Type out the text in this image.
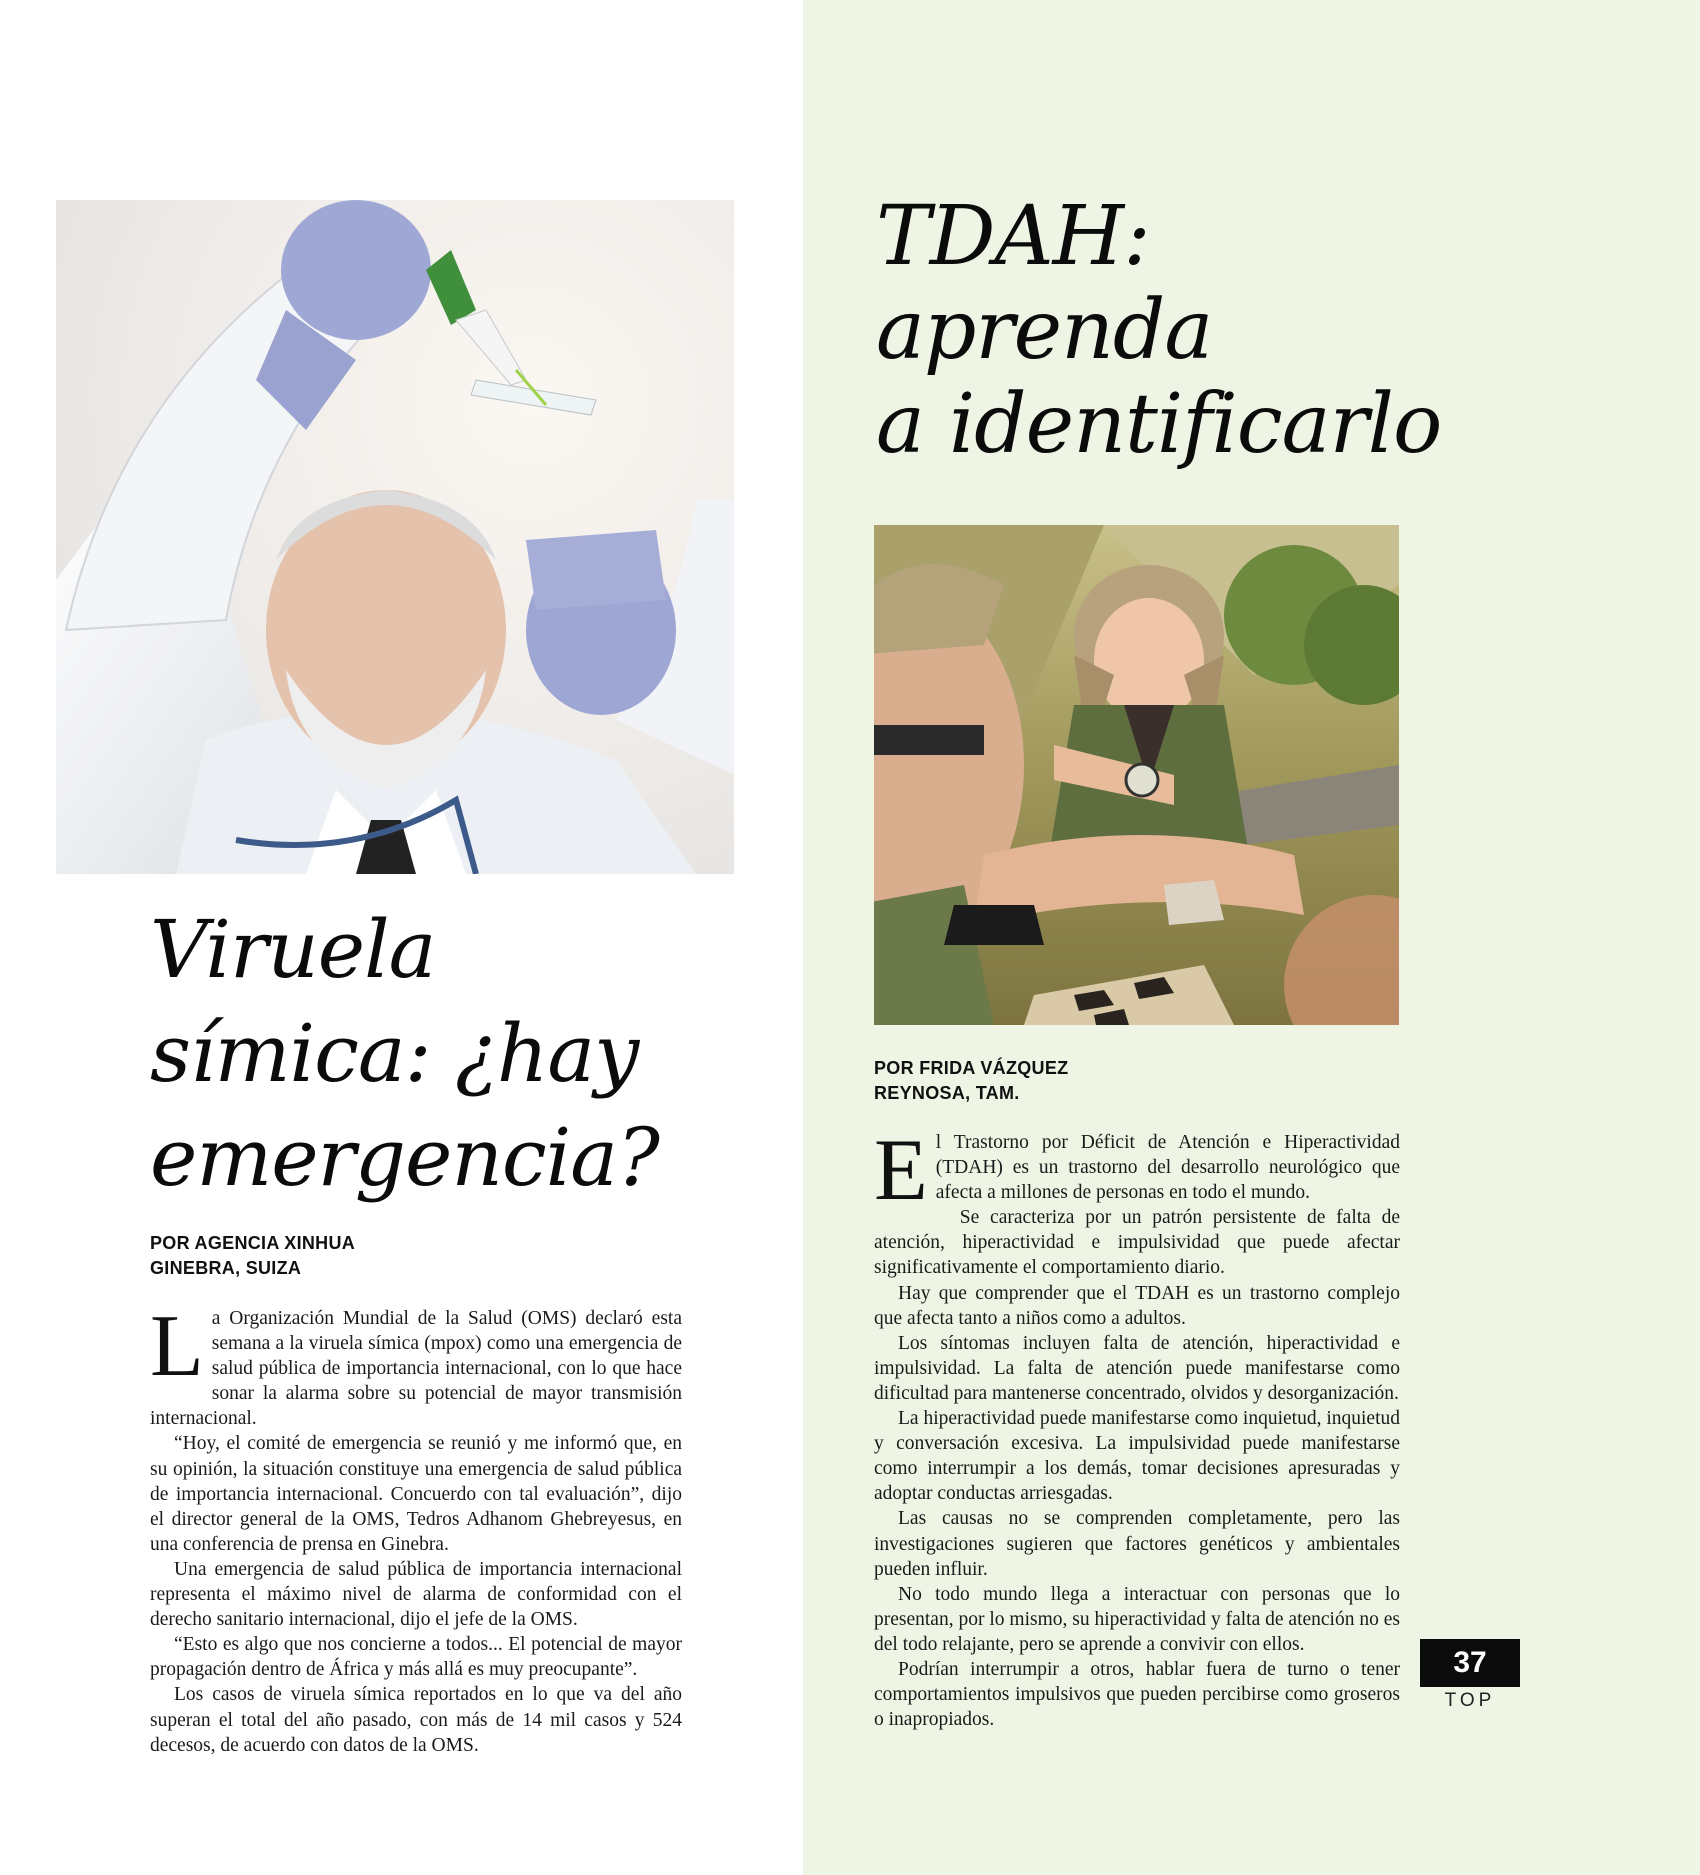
Viruela
símica: ¿hay
emergencia?
POR AGENCIA XINHUA
GINEBRA, SUIZA

La Organización Mundial de la Salud (OMS) declaró esta semana a la viruela símica (mpox) como una emergencia de salud pública de importancia internacional, con lo que hace sonar la alarma sobre su potencial de mayor transmisión internacional.

“Hoy, el comité de emergencia se reunió y me informó que, en su opinión, la situación constituye una emergencia de salud pública de importancia internacional. Concuerdo con tal evaluación”, dijo el director general de la OMS, Tedros Adhanom Ghebreyesus, en una conferencia de prensa en Ginebra.

Una emergencia de salud pública de importancia internacional representa el máximo nivel de alarma de conformidad con el derecho sanitario internacional, dijo el jefe de la OMS.

“Esto es algo que nos concierne a todos... El potencial de mayor propagación dentro de África y más allá es muy preocupante”.

Los casos de viruela símica reportados en lo que va del año superan el total del año pasado, con más de 14 mil casos y 524 decesos, de acuerdo con datos de la OMS.

TDAH:
aprenda
a identificarlo
POR FRIDA VÁZQUEZ
REYNOSA, TAM.

El Trastorno por Déficit de Atención e Hiperactividad (TDAH) es un trastorno del desarrollo neurológico que afecta a millones de personas en todo el mundo.

Se caracteriza por un patrón persistente de falta de atención, hiperactividad e impulsividad que puede afectar significativamente el comportamiento diario.

Hay que comprender que el TDAH es un trastorno complejo que afecta tanto a niños como a adultos.

Los síntomas incluyen falta de atención, hiperactividad e impulsividad. La falta de atención puede manifestarse como dificultad para mantenerse concentrado, olvidos y desorganización.

La hiperactividad puede manifestarse como inquietud, inquietud y conversación excesiva. La impulsividad puede manifestarse como interrumpir a los demás, tomar decisiones apresuradas y adoptar conductas arriesgadas.

Las causas no se comprenden completamente, pero las investigaciones sugieren que factores genéticos y ambientales pueden influir.

No todo mundo llega a interactuar con personas que lo presentan, por lo mismo, su hiperactividad y falta de atención no es del todo relajante, pero se aprende a convivir con ellos.

Podrían interrumpir a otros, hablar fuera de turno o tener comportamientos impulsivos que pueden percibirse como groseros o inapropiados.

37
TOP
